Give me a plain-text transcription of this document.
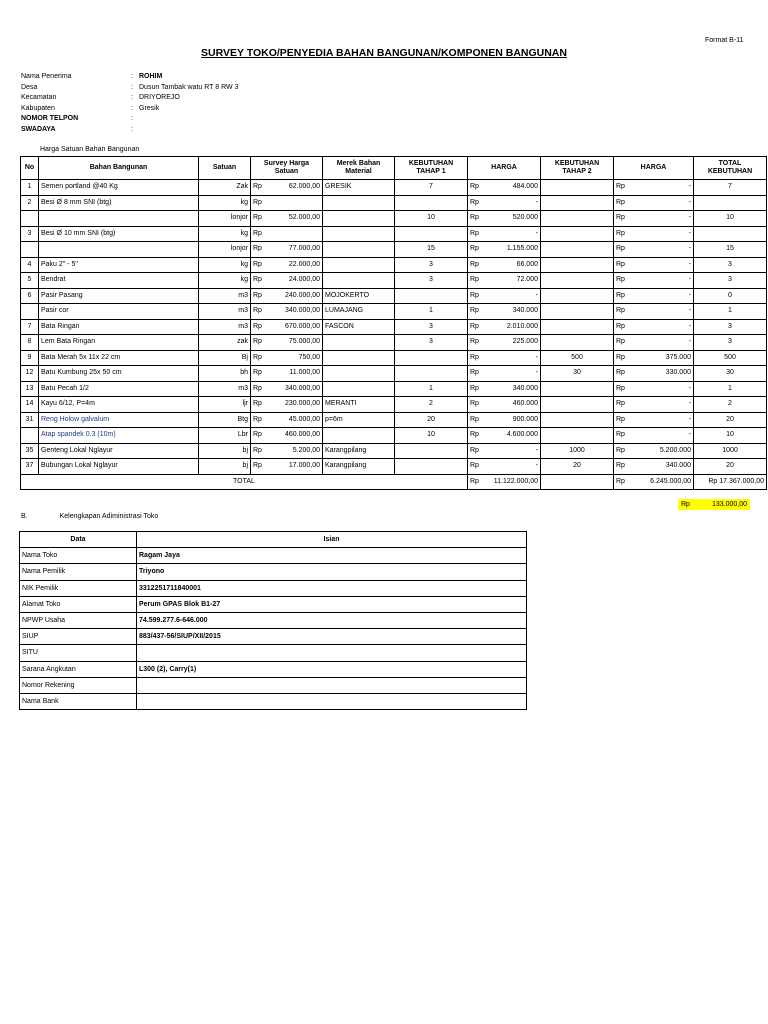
Format B-11
SURVEY TOKO/PENYEDIA BAHAN BANGUNAN/KOMPONEN BANGUNAN
Nama Penerima	: ROHIM
Desa	: Dusun Tambak watu RT 8 RW 3
Kecamatan	: DRIYOREJO
Kabupaten	: Gresik
NOMOR TELPON	:
SWADAYA	:
Harga Satuan Bahan Bangunan
No	Bahan Bangunan	Satuan	Survey Harga Satuan	Merek Bahan Material	KEBUTUHAN TAHAP 1	HARGA	KEBUTUHAN TAHAP 2	HARGA	TOTAL KEBUTUHAN
1	Semen portland @40 Kg	Zak	Rp 62.000,00	GRESIK	7	Rp 484.000		Rp -	7
2	Besi Ø 8 mm SNI (btg)	kg	Rp			Rp -		Rp -	

		lonjor	Rp 52.000,00		10	Rp 520.000		Rp -	10
3	Besi Ø 10 mm SNI (btg)	kg	Rp			Rp -		Rp -	

		lonjor	Rp 77.000,00		15	Rp 1.155.000		Rp -	15
4	Paku 2" - 5"	kg	Rp 22.000,00		3	Rp 66.000		Rp -	3
5	Bendrat	kg	Rp 24.000,00		3	Rp 72.000		Rp -	3
6	Pasir Pasang	m3	Rp 240.000,00	MOJOKERTO		Rp -		Rp -	0
	Pasir cor	m3	Rp 340.000,00	LUMAJANG	1	Rp 340.000		Rp -	1
7	Bata Ringan	m3	Rp 670.000,00	FASCON	3	Rp 2.010.000		Rp -	3
8	Lem Bata Ringan	zak	Rp 75.000,00		3	Rp 225.000		Rp -	3
9	Bata Merah 5x 11x 22 cm	Bj	Rp 750,00			Rp -	500	Rp 375.000	500
12	Batu Kumbung 25x 50 cm	bh	Rp 11.000,00			Rp -	30	Rp 330.000	30
13	Batu Pecah 1/2	m3	Rp 340.000,00		1	Rp 340.000		Rp -	1
14	Kayu 6/12, P=4m	ljr	Rp 230.000,00	MERANTI	2	Rp 460.000		Rp -	2
31	Reng Holow galvalum	Btg	Rp 45.000,00	p=6m	20	Rp 900.000		Rp -	20
	Atap spandek 0.3 (10m)	Lbr	Rp 460.000,00		10	Rp 4.600.000		Rp -	10
35	Genteng Lokal Nglayur	bj	Rp 5.200,00	Karangpilang		Rp -	1000	Rp 5.200.000	1000
37	Bubungan Lokal Nglayur	bj	Rp 17.000,00	Karangpilang		Rp -	20	Rp 340.000	20
TOTAL						Rp 11.122.000,00		Rp 6.245.000,00	Rp 17.367.000,00
Rp	133.000,00
B.	Kelengkapan Adiministrasi Toko
Data	Isian
Nama Toko	Ragam Jaya
Nama Pemilik	Triyono
NIK Pemilik	3312251711840001
Alamat Toko	Perum GPAS Blok B1-27
NPWP Usaha	74.599.277.6-646.000
SIUP	883/437-56/SIUP/XII/2015
SITU	
Sarana Angkutan	L300 (2), Carry(1)
Nomor Rekening	
Nama Bank	
